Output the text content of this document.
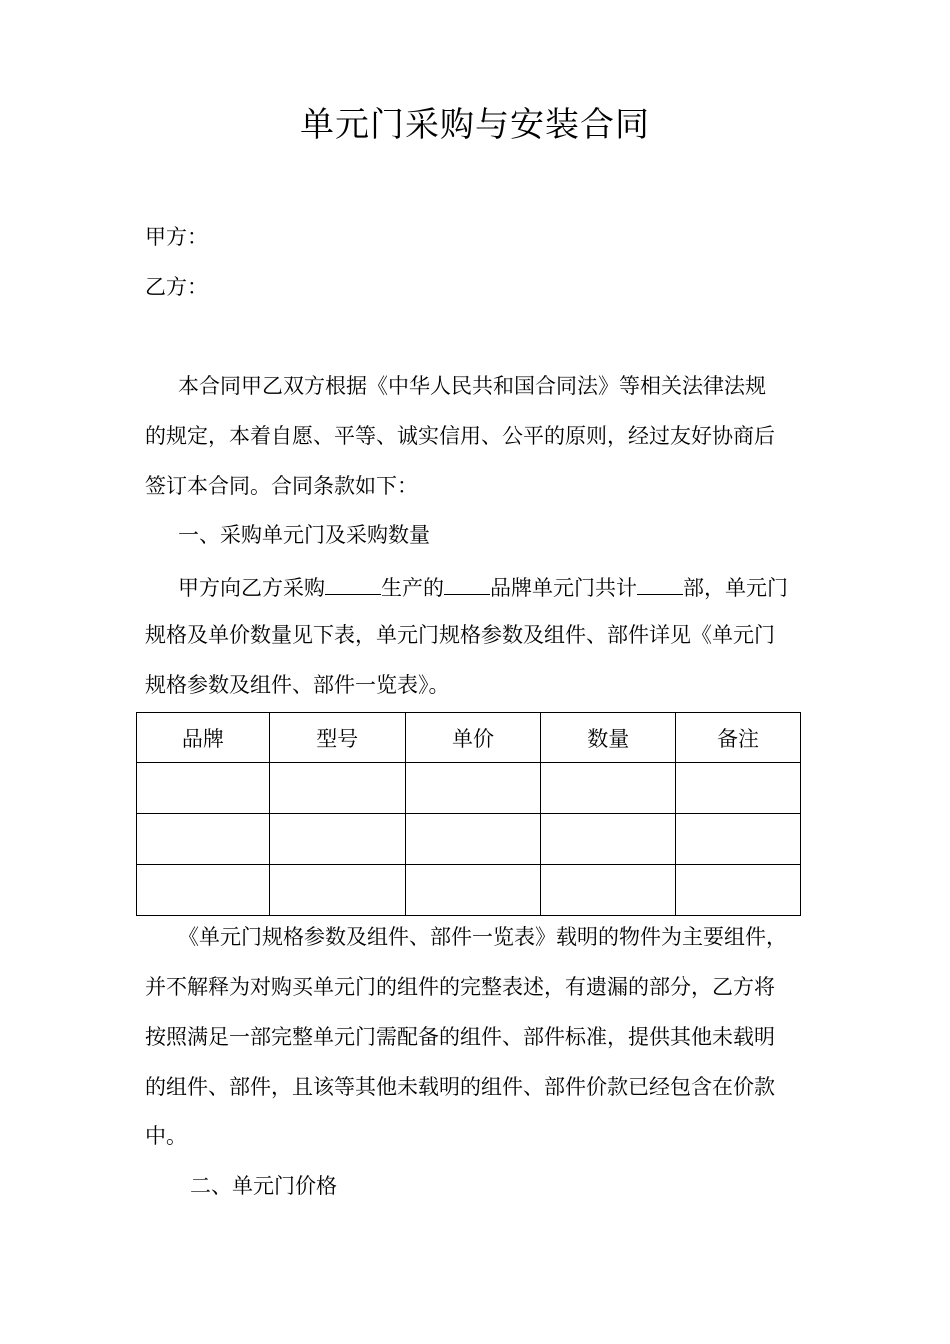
单元门采购与安装合同
甲方：
乙方：
本合同甲乙双方根据《中华人民共和国合同法》等相关法律法规
的规定，本着自愿、平等、诚实信用、公平的原则，经过友好协商后
签订本合同。合同条款如下：
一、采购单元门及采购数量
甲方向乙方采购	生产的 品牌单元门共计 部，单元门
规格及单价数量见下表，单元门规格参数及组件、部件详见《单元门
规格参数及组件、部件一览表》。
品牌	型号	单价	数量	备注

《单元门规格参数及组件、部件一览表》载明的物件为主要组件，
并不解释为对购买单元门的组件的完整表述，有遗漏的部分，乙方将
按照满足一部完整单元门需配备的组件、部件标准，提供其他未载明
的组件、部件，且该等其他未载明的组件、部件价款已经包含在价款
中。
二、单元门价格
